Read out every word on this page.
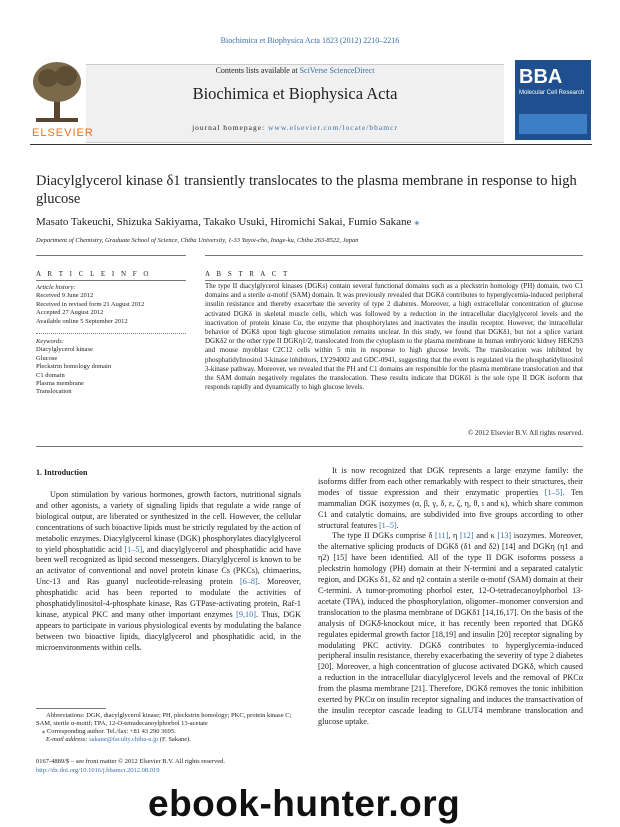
Biochimica et Biophysica Acta 1823 (2012) 2210–2216
ELSEVIER
Contents lists available at SciVerse ScienceDirect
Biochimica et Biophysica Acta
journal homepage: www.elsevier.com/locate/bbamcr
BBA
Molecular Cell Research
Diacylglycerol kinase δ1 transiently translocates to the plasma membrane in response to high glucose
Masato Takeuchi, Shizuka Sakiyama, Takako Usuki, Hiromichi Sakai, Fumio Sakane ⁎
Department of Chemistry, Graduate School of Science, Chiba University, 1-33 Yayoi-cho, Inage-ku, Chiba 263-8522, Japan
A R T I C L E I N F O	A B S T R A C T
Article history:
Received 9 June 2012
Received in revised form 21 August 2012
Accepted 27 August 2012
Available online 5 September 2012
Keywords:
Diacylglycerol kinase
Glucose
Pleckstrin homology domain
C1 domain
Plasma membrane
Translocation
The type II diacylglycerol kinases (DGKs) contain several functional domains such as a pleckstrin homology (PH) domain, two C1 domains and a sterile α-motif (SAM) domain. It was previously revealed that DGKδ contributes to hyperglycemia-induced peripheral insulin resistance and thereby exacerbate the severity of type 2 diabetes. Moreover, a high extracellular concentration of glucose activated DGKδ in skeletal muscle cells, which was followed by a reduction in the intracellular diacylglycerol levels and the inactivation of protein kinase Cα, the enzyme that phosphorylates and inactivates the insulin receptor. However, the intracellular behavior of DGKδ upon high glucose stimulation remains unclear. In this study, we found that DGKδ1, but not a splice variant DGKδ2 or the other type II DGKη1/2, translocated from the cytoplasm to the plasma membrane in human embryonic kidney HEK293 and mouse myoblast C2C12 cells within 5 min in response to high glucose levels. The translocation was inhibited by phosphatidylinositol 3-kinase inhibitors, LY294002 and GDC-0941, suggesting that the event is regulated via the phosphatidylinositol 3-kinase pathway. Moreover, we revealed that the PH and C1 domains are responsible for the plasma membrane translocation and that the SAM domain negatively regulates the translocation. These results indicate that DGKδ1 is the sole type II DGK isoform that responds rapidly and dynamically to high glucose levels.
© 2012 Elsevier B.V. All rights reserved.
1. Introduction

Upon stimulation by various hormones, growth factors, nutritional signals and other agonists, a variety of signaling lipids that regulate a wide range of biological output, are liberated or synthesized in the cell. However, the cellular concentrations of such bioactive lipids must be strictly regulated by the action of metabolic enzymes. Diacylglycerol kinase (DGK) phosphorylates diacylglycerol to yield phosphatidic acid [1–5], and diacylglycerol and phosphatidic acid have been well recognized as lipid second messengers. Diacylglycerol is known to be an activator of conventional and novel protein kinase Cs (PKCs), chimaerins, Unc-13 and Ras guanyl nucleotide-releasing protein [6–8]. Moreover, phosphatidic acid has been reported to modulate the activities of phosphatidylinositol-4-phosphate kinase, Ras GTPase-activating protein, Raf-1 kinase, atypical PKC and many other important enzymes [9,10]. Thus, DGK appears to participate in various physiological events by modulating the balance between two bioactive lipids, diacylglycerol and phosphatidic acid, in the microenvironments within cells.

It is now recognized that DGK represents a large enzyme family: the isoforms differ from each other remarkably with respect to their structures, their modes of tissue expression and their enzymatic properties [1–5]. Ten mammalian DGK isozymes (α, β, γ, δ, ε, ζ, η, θ, ι and κ), which share common C1 and catalytic domains, are subdivided into five groups according to other structural features [1–5].

The type II DGKs comprise δ [11], η [12] and κ [13] isozymes. Moreover, the alternative splicing products of DGKδ (δ1 and δ2) [14] and DGKη (η1 and η2) [15] have been identified. All of the type II DGK isoforms possess a pleckstrin homology (PH) domain at their N-termini and a separated catalytic region, and DGKs δ1, δ2 and η2 contain a sterile α-motif (SAM) domain at their C-termini. A tumor-promoting phorbol ester, 12-O-tetradecanoylphorbol 13-acetate (TPA), induced the phosphorylation, oligomer–monomer conversion and translocation to the plasma membrane of DGKδ1 [14,16,17]. On the basis of the analysis of DGKδ-knockout mice, it has recently been reported that DGKδ regulates epidermal growth factor [18,19] and insulin [20] receptor signaling by modulating PKC activity. DGKδ contributes to hyperglycemia-induced peripheral insulin resistance, thereby exacerbating the severity of type 2 diabetes [20]. Moreover, a high concentration of glucose activated DGKδ, which caused a reduction in the intracellular diacylglycerol levels and the removal of PKCα from the plasma membrane [21]. Therefore, DGKδ removes the tonic inhibition exerted by PKCα on insulin receptor signaling and induces the transactivation of the insulin receptor cascade leading to GLUT4 membrane translocation and glucose uptake.

Abbreviations: DGK, diacylglycerol kinase; PH, pleckstrin homology; PKC, protein kinase C; SAM, sterile α-motif; TPA, 12-O-tetradecanoylphorbol 13-acetate
⁎ Corresponding author. Tel./fax: +81 43 290 3695.
E-mail address: sakane@faculty.chiba-u.jp (F. Sakane).
0167-4889/$ – see front matter © 2012 Elsevier B.V. All rights reserved.
http://dx.doi.org/10.1016/j.bbamcr.2012.08.019
ebook-hunter.org
